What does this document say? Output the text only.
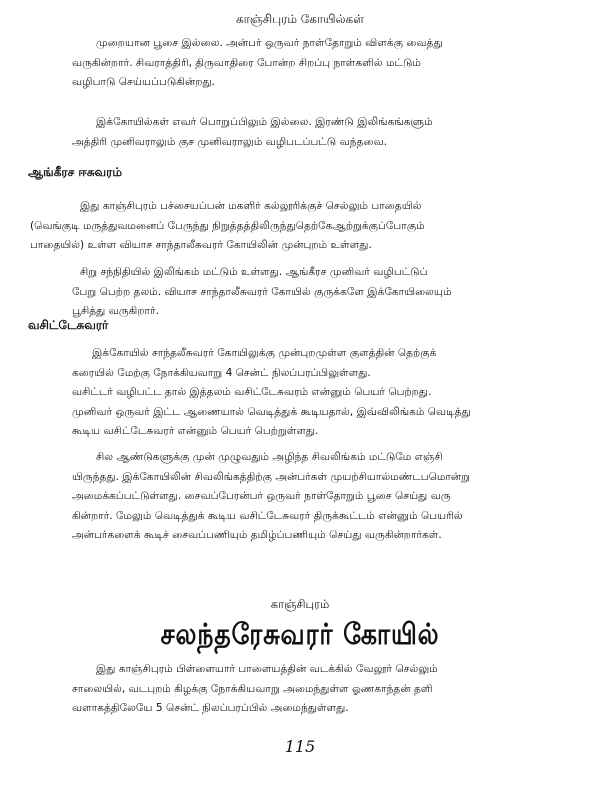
காஞ்சிபுரம் கோயில்கள்
முறையான பூசை இல்லை. அன்பர் ஒருவர் நாள்தோறும் விளக்கு வைத்து
வருகின்றார். சிவராத்திரி, திருவாதிரை போன்ற சிறப்பு நாள்களில் மட்டும்
வழிபாடு செய்யப்படுகின்றது.
இக்கோயில்கள் எவர் பொறுப்பிலும் இல்லை. இரண்டு இலிங்கங்களும்
அத்திரி முனிவராலும் குச முனிவராலும் வழிபடப்பட்டு வந்தவை.
ஆங்கீரச ஈசுவரம்
இது காஞ்சிபுரம் பச்சையப்பன் மகளிர் கல்லூரிக்குச் செல்லும் பாதையில்
(வெங்குடி மருத்துவமனைப் பேருந்து நிறுத்தத்திலிருந்துதெற்கேஆற்றுக்குப்போகும்
பாதையில்) உள்ள வியாச சாந்தாலீசுவரர் கோயிலின் முன்புறம் உள்ளது.
சிறு சந்நிதியில் இலிங்கம் மட்டும் உள்ளது. ஆங்கீரச முனிவர் வழிபட்டுப்
பேறு பெற்ற தலம். வியாச சாந்தாலீசுவரர் கோயில் குருக்களே இக்கோயிலையும்
பூசித்து வருகிறார்.
வசிட்டேசுவரர்
இக்கோயில் சாந்தலீசுவரர் கோயிலுக்கு முன்புறமுள்ள குளத்தின் தெற்குக்
கரையில் மேற்கு நோக்கியவாறு 4 சென்ட் நிலப்பரப்பிலுள்ளது.
வசிட்டர் வழிபட்ட தால் இத்தலம் வசிட்டேசுவரம் என்னும் பெயர் பெற்றது.
முனிவர் ஒருவர் இட்ட ஆணையால் வெடித்துக் கூடியதால், இவ்விலிங்கம் வெடித்து
கூடிய வசிட்டேசுவரர் என்னும் பெயர் பெற்றுள்ளது.
சில ஆண்டுகளுக்கு முன் முழுவதும் அழிந்த சிவலிங்கம் மட்டுமே எஞ்சி
யிருந்தது. இக்கோயிலின் சிவலிங்கத்திற்கு அன்பர்கள் முயற்சியால்மண்டபமொன்று
அமைக்கப்பட்டுள்ளது. சைவப்பேரன்பர் ஒருவர் நாள்தோறும் பூசை செய்து வரு
கின்றார். மேலும் வெடித்துக் கூடிய வசிட்டேசுவரர் திருக்கூட்டம் என்னும் பெயரில்
அன்பர்களைக் கூடிச் சைவப்பணியும் தமிழ்ப்பணியும் செய்து வருகின்றார்கள்.
காஞ்சிபுரம்
சலந்தரேசுவரர் கோயில்
இது காஞ்சிபுரம் பிள்ளையார் பாளையத்தின் வடக்கில் வேலூர் செல்லும்
சாலையில், வடபுறம் கிழக்கு நோக்கியவாறு அமைந்துள்ள ஓணகாந்தன் தளி
வளாகத்திலேயே 5 சென்ட் நிலப்பரப்பில் அமைந்துள்ளது.
115
